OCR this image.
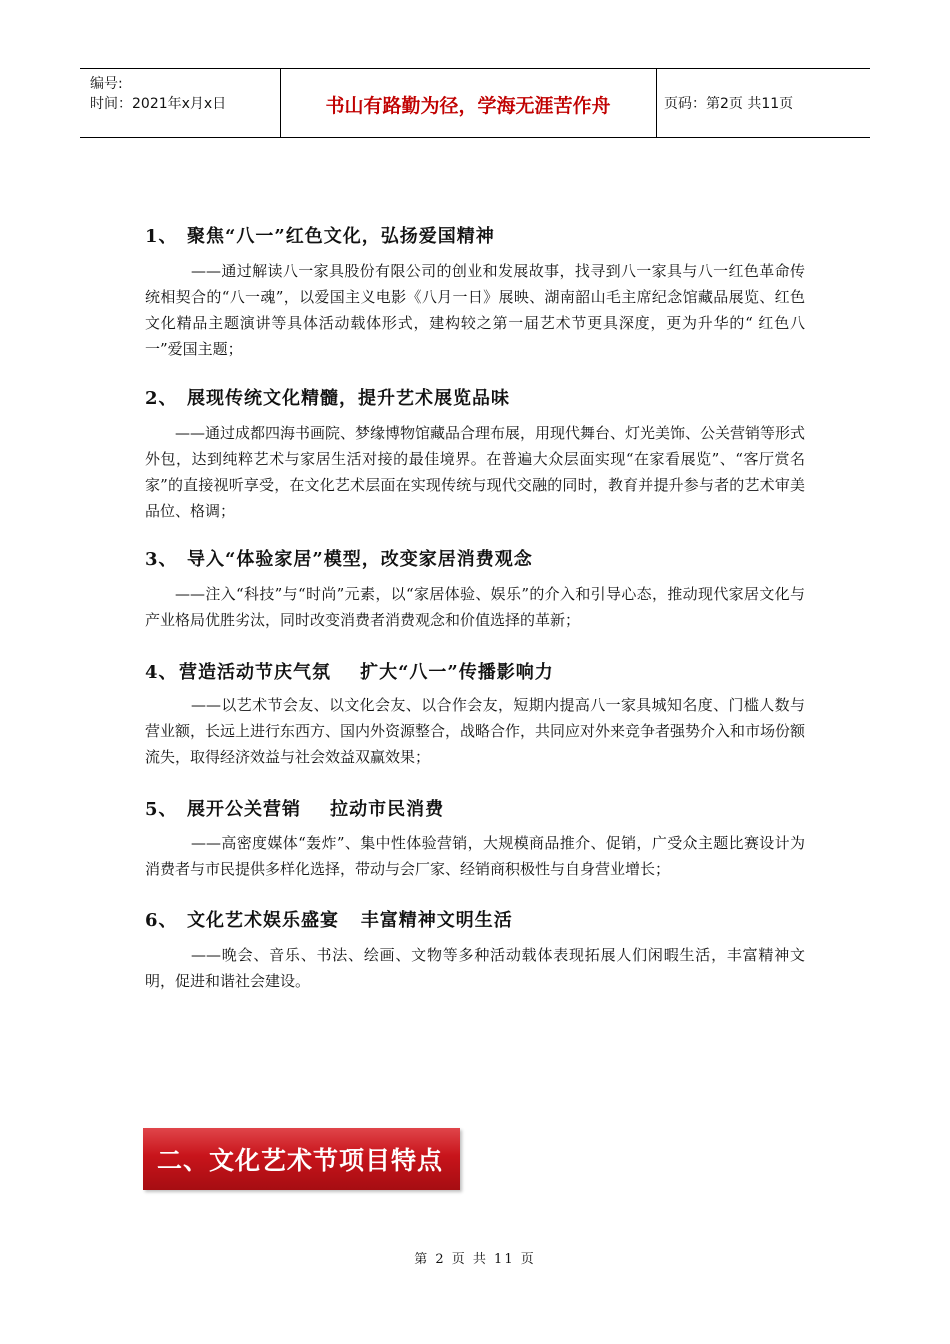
编号:
时间：2021年x月x日	书山有路勤为径，学海无涯苦作舟	页码：第2页 共11页
1、 聚焦“八一”红色文化，弘扬爱国精神
——通过解读八一家具股份有限公司的创业和发展故事，找寻到八一家具与八一红色革命传统相契合的“八一魂”，以爱国主义电影《八月一日》展映、湖南韶山毛主席纪念馆藏品展览、红色文化精品主题演讲等具体活动载体形式，建构较之第一届艺术节更具深度，更为升华的“ 红色八一”爱国主题；
2、 展现传统文化精髓，提升艺术展览品味
——通过成都四海书画院、梦缘博物馆藏品合理布展，用现代舞台、灯光美饰、公关营销等形式外包，达到纯粹艺术与家居生活对接的最佳境界。在普遍大众层面实现“在家看展览”、“客厅赏名家”的直接视听享受，在文化艺术层面在实现传统与现代交融的同时，教育并提升参与者的艺术审美品位、格调；
3、 导入“体验家居”模型，改变家居消费观念
——注入“科技”与“时尚”元素，以“家居体验、娱乐”的介入和引导心态，推动现代家居文化与产业格局优胜劣汰，同时改变消费者消费观念和价值选择的革新；
4、营造活动节庆气氛    扩大“八一”传播影响力
——以艺术节会友、以文化会友、以合作会友，短期内提高八一家具城知名度、门槛人数与营业额，长远上进行东西方、国内外资源整合，战略合作，共同应对外来竞争者强势介入和市场份额流失，取得经济效益与社会效益双赢效果；
5、 展开公关营销    拉动市民消费
——高密度媒体“轰炸”、集中性体验营销，大规模商品推介、促销，广受众主题比赛设计为消费者与市民提供多样化选择，带动与会厂家、经销商积极性与自身营业增长；
6、 文化艺术娱乐盛宴   丰富精神文明生活
——晚会、音乐、书法、绘画、文物等多种活动载体表现拓展人们闲暇生活，丰富精神文明，促进和谐社会建设。
二、文化艺术节项目特点
第 2 页 共 11 页
